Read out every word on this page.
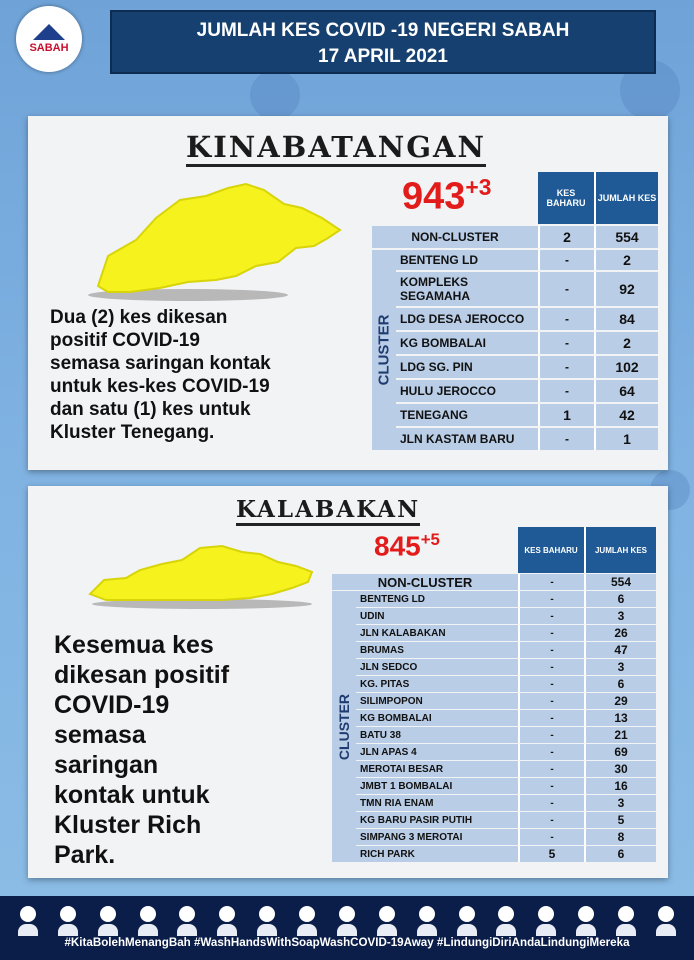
SABAH
JUMLAH KES COVID -19 NEGERI SABAH
17 APRIL 2021
KINABATANGAN
$943^{+3}$
Dua (2) kes dikesan
positif COVID-19
semasa saringan kontak
untuk kes-kes COVID-19
dan satu (1) kes untuk
Kluster Tenegang.
		KES BAHARU	JUMLAH KES
NON-CLUSTER		2	554

CLUSTER	BENTENG LD	-	2
	KOMPLEKS SEGAMAHA	-	92
	LDG DESA JEROCCO	-	84
	KG BOMBALAI	-	2
	LDG SG. PIN	-	102
	HULU JEROCCO	-	64
	TENEGANG	1	42
	JLN KASTAM BARU	-	1
KALABAKAN
$845^{+5}$
Kesemua kes
dikesan positif
COVID-19
semasa
saringan
kontak untuk
Kluster Rich
Park.
		KES BAHARU	JUMLAH KES
NON-CLUSTER		-	554

CLUSTER	BENTENG LD	-	6
	UDIN	-	3
	JLN KALABAKAN	-	26
	BRUMAS	-	47
	JLN SEDCO	-	3
	KG. PITAS	-	6
	SILIMPOPON	-	29
	KG BOMBALAI	-	13
	BATU 38	-	21
	JLN APAS 4	-	69
	MEROTAI BESAR	-	30
	JMBT 1 BOMBALAI	-	16
	TMN RIA ENAM	-	3
	KG BARU PASIR PUTIH	-	5
	SIMPANG 3 MEROTAI	-	8
	RICH PARK	5	6
#KitaBolehMenangBah #WashHandsWithSoapWashCOVID-19Away #LindungiDiriAndaLindungiMereka
